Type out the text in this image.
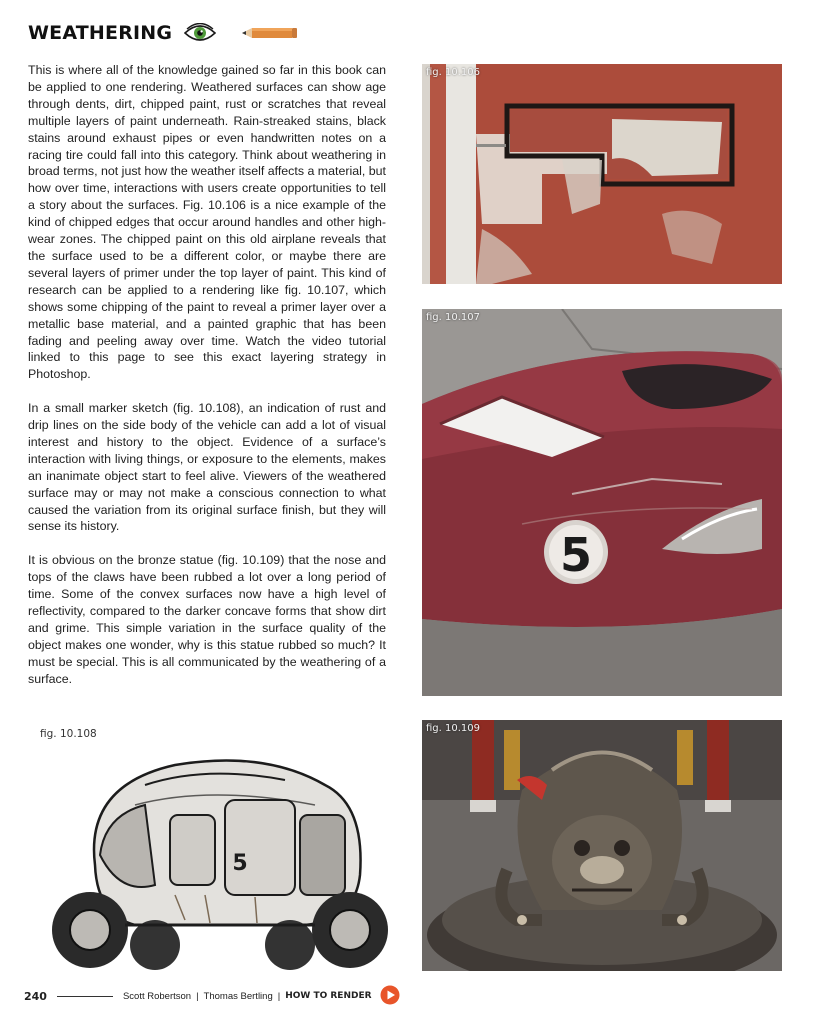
WEATHERING

This is where all of the knowledge gained so far in this book can be applied to one rendering. Weathered surfaces can show age through dents, dirt, chipped paint, rust or scratches that reveal multiple layers of paint underneath. Rain-streaked stains, black stains around exhaust pipes or even handwritten notes on a racing tire could fall into this category. Think about weathering in broad terms, not just how the weather itself affects a material, but how over time, interactions with users create opportunities to tell a story about the surfaces. Fig. 10.106 is a nice example of the kind of chipped edges that occur around handles and other high-wear zones. The chipped paint on this old airplane reveals that the surface used to be a different color, or maybe there are several layers of primer under the top layer of paint. This kind of research can be applied to a rendering like fig. 10.107, which shows some chipping of the paint to reveal a primer layer over a metallic base material, and a painted graphic that has been fading and peeling away over time. Watch the video tutorial linked to this page to see this exact layering strategy in Photoshop.

In a small marker sketch (fig. 10.108), an indication of rust and drip lines on the side body of the vehicle can add a lot of visual interest and history to the object. Evidence of a surface’s interaction with living things, or exposure to the elements, makes an inanimate object start to feel alive. Viewers of the weathered surface may or may not make a conscious connection to what caused the variation from its original surface finish, but they will sense its history.

It is obvious on the bronze statue (fig. 10.109) that the nose and tops of the claws have been rubbed a lot over a long period of time. Some of the convex surfaces now have a high level of reflectivity, compared to the darker concave forms that show dirt and grime. This simple variation in the surface quality of the object makes one wonder, why is this statue rubbed so much? It must be special. This is all communicated by the weathering of a surface.

fig. 10.106
5
fig. 10.107
fig. 10.108
5
fig. 10.109
240	Scott Robertson | Thomas Bertling | HOW TO RENDER
